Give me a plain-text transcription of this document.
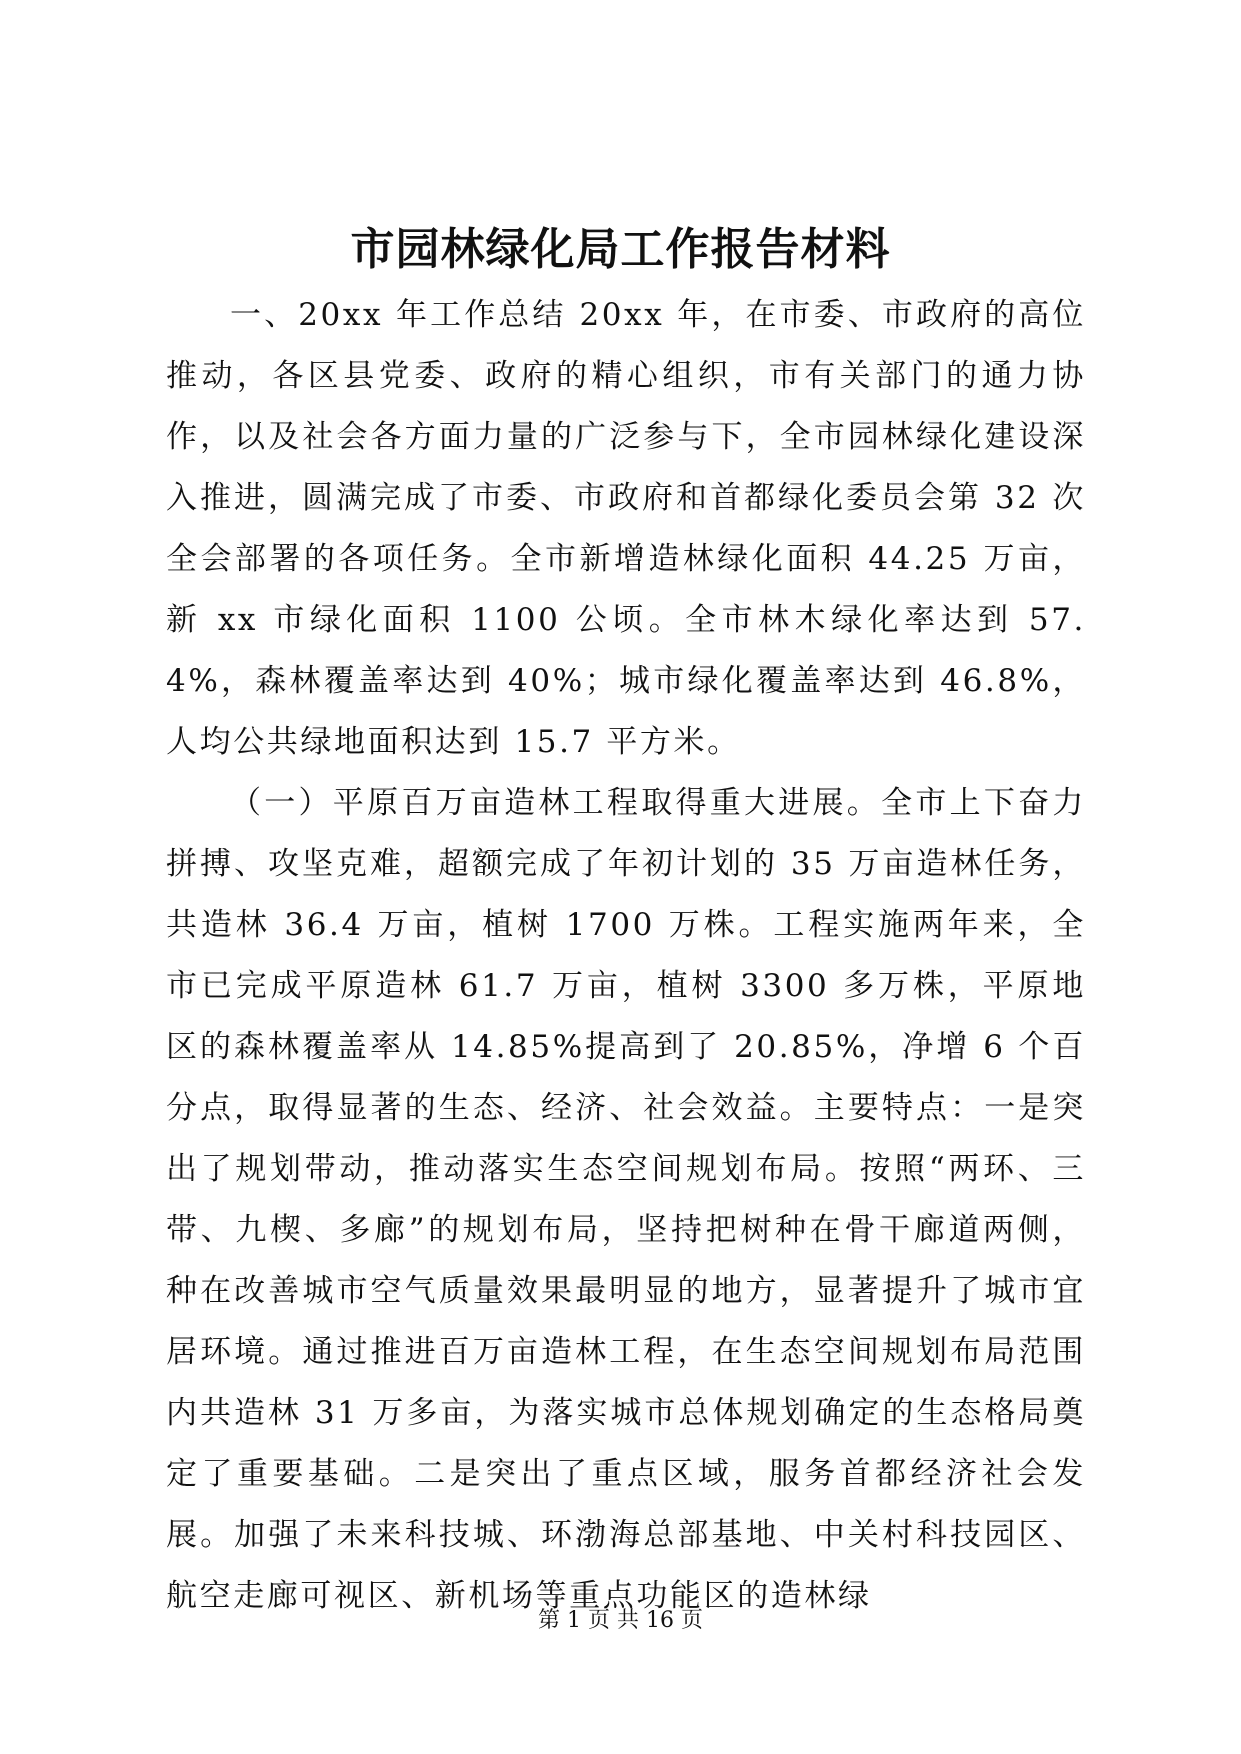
市园林绿化局工作报告材料

一、20xx 年工作总结 20xx 年，在市委、市政府的高位推动，各区县党委、政府的精心组织，市有关部门的通力协作，以及社会各方面力量的广泛参与下，全市园林绿化建设深入推进，圆满完成了市委、市政府和首都绿化委员会第 32 次全会部署的各项任务。全市新增造林绿化面积 44.25 万亩，新 xx 市绿化面积 1100 公顷。全市林木绿化率达到 57.4%，森林覆盖率达到 40%；城市绿化覆盖率达到 46.8%，人均公共绿地面积达到 15.7 平方米。

（一）平原百万亩造林工程取得重大进展。全市上下奋力拼搏、攻坚克难，超额完成了年初计划的 35 万亩造林任务，共造林 36.4 万亩，植树 1700 万株。工程实施两年来，全市已完成平原造林 61.7 万亩，植树 3300 多万株，平原地区的森林覆盖率从 14.85%提高到了 20.85%，净增 6 个百分点，取得显著的生态、经济、社会效益。主要特点：一是突出了规划带动，推动落实生态空间规划布局。按照“两环、三带、九楔、多廊”的规划布局，坚持把树种在骨干廊道两侧，种在改善城市空气质量效果最明显的地方，显著提升了城市宜居环境。通过推进百万亩造林工程，在生态空间规划布局范围内共造林 31 万多亩，为落实城市总体规划确定的生态格局奠定了重要基础。二是突出了重点区域，服务首都经济社会发展。加强了未来科技城、环渤海总部基地、中关村科技园区、航空走廊可视区、新机场等重点功能区的造林绿

第 1 页 共 16 页
